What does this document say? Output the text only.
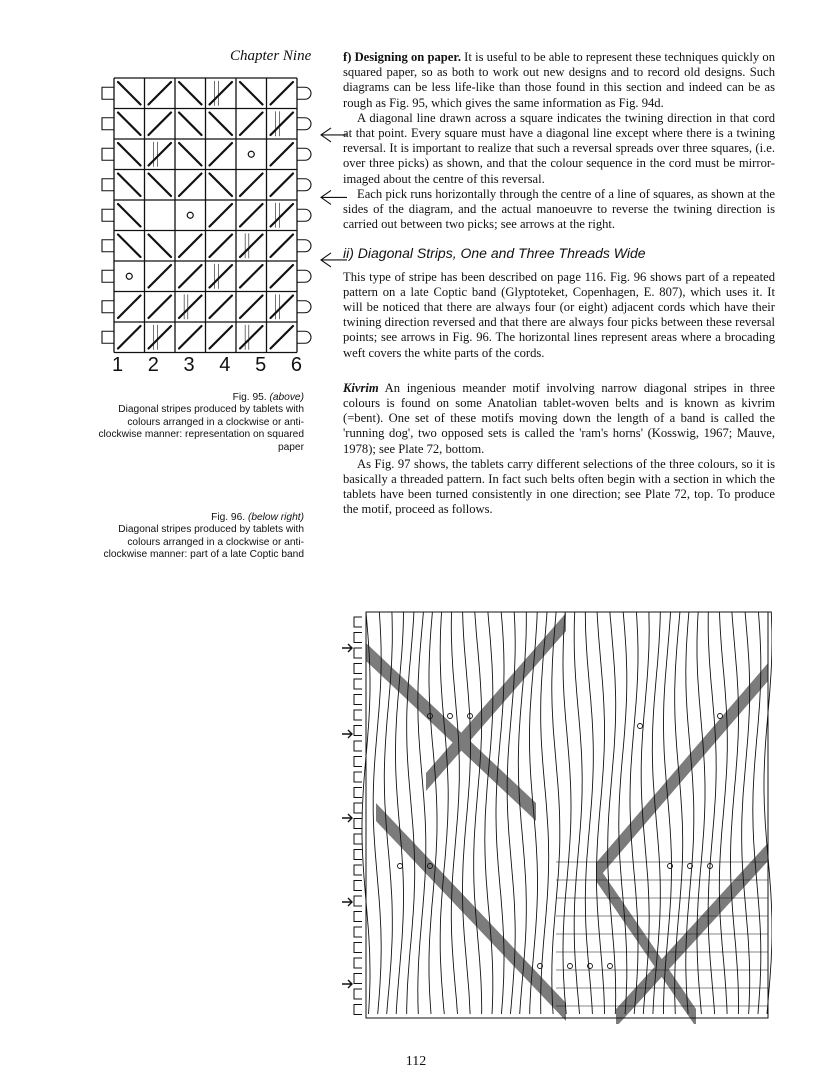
Chapter Nine
1 2 3 4 5 6
Fig. 95. (above)
Diagonal stripes produced by tablets with colours arranged in a clockwise or anti-clockwise manner: representation on squared paper
Fig. 96. (below right)
Diagonal stripes produced by tablets with colours arranged in a clockwise or anti-clockwise manner: part of a late Coptic band

f) Designing on paper. It is useful to be able to represent these techniques quickly on squared paper, so as both to work out new designs and to record old designs. Such diagrams can be less life-like than those found in this section and indeed can be as rough as Fig. 95, which gives the same information as Fig. 94d.

A diagonal line drawn across a square indicates the twining direction in that cord at that point. Every square must have a diagonal line except where there is a twining reversal. It is important to realize that such a reversal spreads over three squares, (i.e. over three picks) as shown, and that the colour sequence in the cord must be mirror-imaged about the centre of this reversal.

Each pick runs horizontally through the centre of a line of squares, as shown at the sides of the diagram, and the actual manoeuvre to reverse the twining direction is carried out between two picks; see arrows at the right.

ii) Diagonal Strips, One and Three Threads Wide

This type of stripe has been described on page 116. Fig. 96 shows part of a repeated pattern on a late Coptic band (Glyptoteket, Copenhagen, E. 807), which uses it. It will be noticed that there are always four (or eight) adjacent cords which have their twining direction reversed and that there are always four picks between these reversal points; see arrows in Fig. 96. The horizontal lines represent areas where a brocading weft covers the white parts of the cords.

Kivrim An ingenious meander motif involving narrow diagonal stripes in three colours is found on some Anatolian tablet-woven belts and is known as kivrim (=bent). One set of these motifs moving down the length of a band is called the 'running dog', two opposed sets is called the 'ram's horns' (Kosswig, 1967; Mauve, 1978); see Plate 72, bottom.

As Fig. 97 shows, the tablets carry different selections of the three colours, so it is basically a threaded pattern. In fact such belts often begin with a section in which the tablets have been turned consistently in one direction; see Plate 72, top. To produce the motif, proceed as follows.

112
